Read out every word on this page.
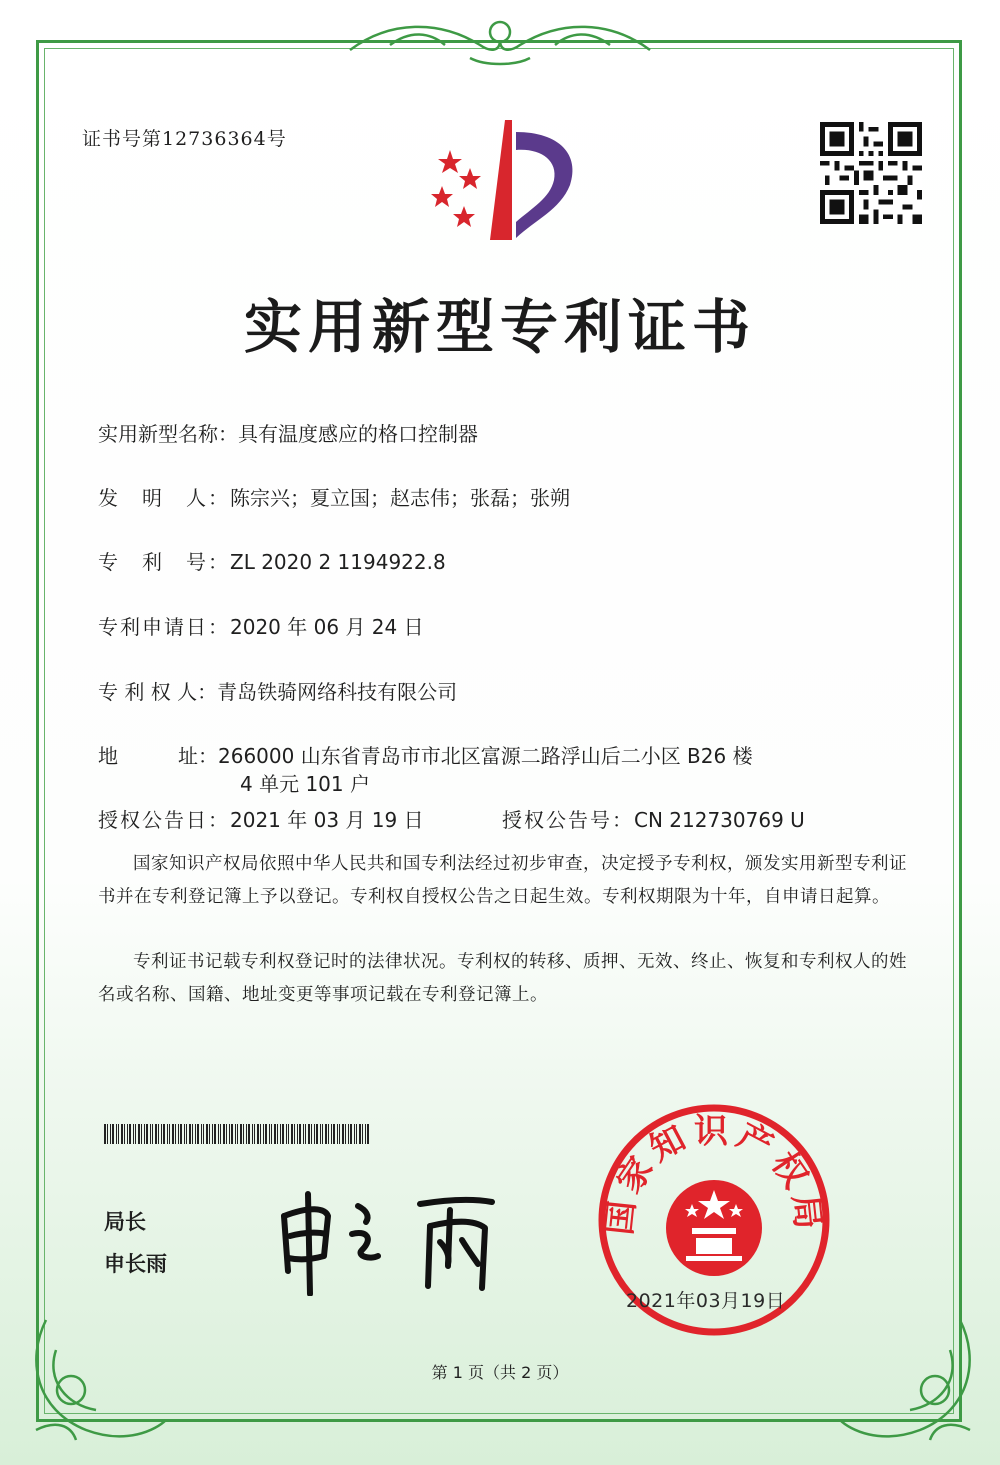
证书号第12736364号
实用新型专利证书
实用新型名称：具有温度感应的格口控制器
发　明　人：陈宗兴；夏立国；赵志伟；张磊；张朔
专　利　号：ZL 2020 2 1194922.8
专利申请日：2020 年 06 月 24 日
专 利 权 人：青岛铁骑网络科技有限公司
地　　　址：266000 山东省青岛市市北区富源二路浮山后二小区 B26 楼
4 单元 101 户
授权公告日：2021 年 03 月 19 日	授权公告号：CN 212730769 U

国家知识产权局依照中华人民共和国专利法经过初步审查，决定授予专利权，颁发实用新型专利证书并在专利登记簿上予以登记。专利权自授权公告之日起生效。专利权期限为十年，自申请日起算。

专利证书记载专利权登记时的法律状况。专利权的转移、质押、无效、终止、恢复和专利权人的姓名或名称、国籍、地址变更等事项记载在专利登记簿上。

局长
申长雨
国家知识产权局
2021年03月19日
第 1 页（共 2 页）
